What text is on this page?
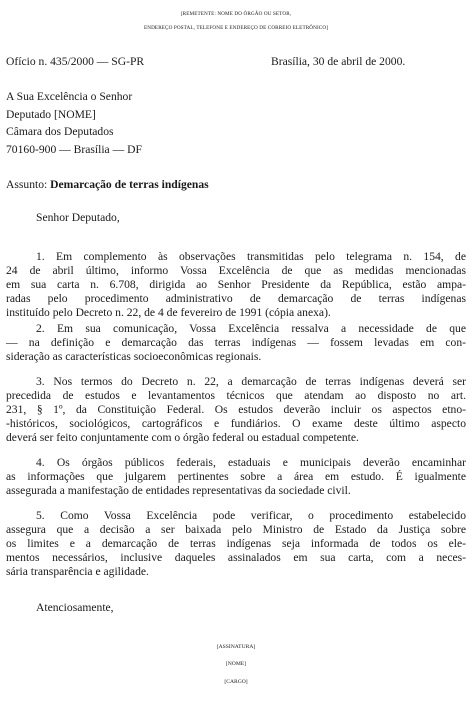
[REMETENTE: NOME DO ÓRGÃO OU SETOR,
ENDEREÇO POSTAL, TELEFONE E ENDEREÇO DE CORREIO ELETRÔNICO]
Ofício n. 435/2000 — SG-PR	Brasília, 30 de abril de 2000.
A Sua Excelência o Senhor
Deputado [NOME]
Câmara dos Deputados
70160-900 — Brasília — DF
Assunto: Demarcação de terras indígenas
Senhor Deputado,
1. Em complemento às observações transmitidas pelo telegrama n. 154, de
24 de abril último, informo Vossa Excelência de que as medidas mencionadas
em sua carta n. 6.708, dirigida ao Senhor Presidente da República, estão ampa-
radas pelo procedimento administrativo de demarcação de terras indígenas
instituído pelo Decreto n. 22, de 4 de fevereiro de 1991 (cópia anexa).
2. Em sua comunicação, Vossa Excelência ressalva a necessidade de que
— na definição e demarcação das terras indígenas — fossem levadas em con-
sideração as características socioeconômicas regionais.
3. Nos termos do Decreto n. 22, a demarcação de terras indígenas deverá ser
precedida de estudos e levantamentos técnicos que atendam ao disposto no art.
231, § 1º, da Constituição Federal. Os estudos deverão incluir os aspectos etno-
-históricos, sociológicos, cartográficos e fundiários. O exame deste último aspecto
deverá ser feito conjuntamente com o órgão federal ou estadual competente.
4. Os órgãos públicos federais, estaduais e municipais deverão encaminhar
as informações que julgarem pertinentes sobre a área em estudo. É igualmente
assegurada a manifestação de entidades representativas da sociedade civil.
5. Como Vossa Excelência pode verificar, o procedimento estabelecido
assegura que a decisão a ser baixada pelo Ministro de Estado da Justiça sobre
os limites e a demarcação de terras indígenas seja informada de todos os ele-
mentos necessários, inclusive daqueles assinalados em sua carta, com a neces-
sária transparência e agilidade.
Atenciosamente,
[ASSINATURA]
[NOME]
[CARGO]
